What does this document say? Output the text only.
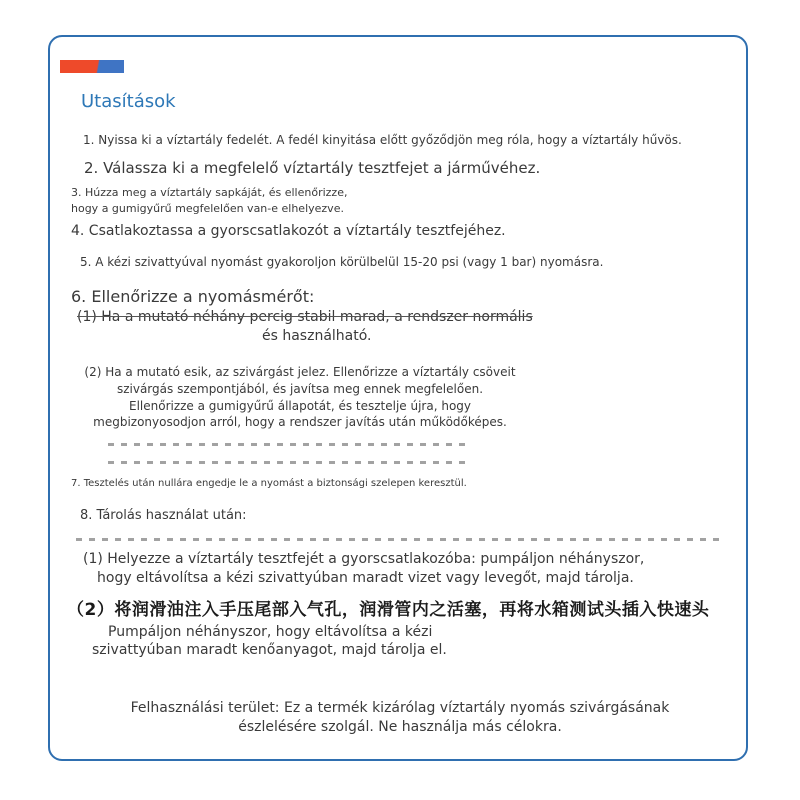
Utasítások
1. Nyissa ki a víztartály fedelét. A fedél kinyitása előtt győződjön meg róla, hogy a víztartály hűvös.
2. Válassza ki a megfelelő víztartály tesztfejet a járművéhez.
3. Húzza meg a víztartály sapkáját, és ellenőrizze,
hogy a gumigyűrű megfelelően van-e elhelyezve.
4. Csatlakoztassa a gyorscsatlakozót a víztartály tesztfejéhez.
5. A kézi szivattyúval nyomást gyakoroljon körülbelül 15-20 psi (vagy 1 bar) nyomásra.
6. Ellenőrizze a nyomásmérőt:
(1) Ha a mutató néhány percig stabil marad, a rendszer normális
és használható.
(2) Ha a mutató esik, az szivárgást jelez. Ellenőrizze a víztartály csöveit
szivárgás szempontjából, és javítsa meg ennek megfelelően.
Ellenőrizze a gumigyűrű állapotát, és tesztelje újra, hogy
megbizonyosodjon arról, hogy a rendszer javítás után működőképes.
7. Tesztelés után nullára engedje le a nyomást a biztonsági szelepen keresztül.
8. Tárolás használat után:
(1) Helyezze a víztartály tesztfejét a gyorscsatlakozóba: pumpáljon néhányszor,
hogy eltávolítsa a kézi szivattyúban maradt vizet vagy levegőt, majd tárolja.
（2）将润滑油注入手压尾部入气孔，润滑管内之活塞，再将水箱测试头插入快速头
Pumpáljon néhányszor, hogy eltávolítsa a kézi
szivattyúban maradt kenőanyagot, majd tárolja el.
Felhasználási terület: Ez a termék kizárólag víztartály nyomás szivárgásának
észlelésére szolgál. Ne használja más célokra.
